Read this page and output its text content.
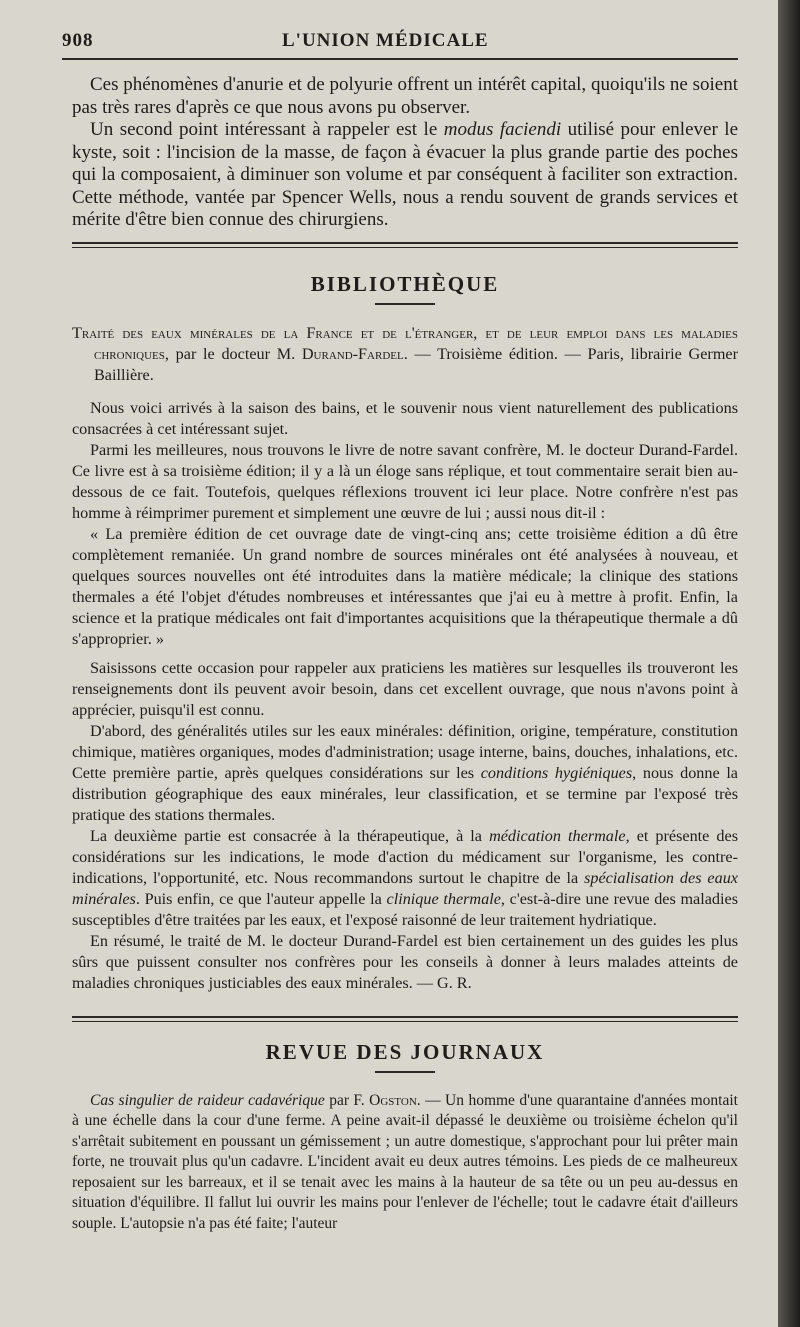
908	L'UNION MÉDICALE

Ces phénomènes d'anurie et de polyurie offrent un intérêt capital, quoiqu'ils ne soient pas très rares d'après ce que nous avons pu observer.

Un second point intéressant à rappeler est le modus faciendi utilisé pour enlever le kyste, soit : l'incision de la masse, de façon à évacuer la plus grande partie des poches qui la composaient, à diminuer son volume et par conséquent à faciliter son extraction. Cette méthode, vantée par Spencer Wells, nous a rendu souvent de grands services et mérite d'être bien connue des chirurgiens.

BIBLIOTHÈQUE
Traité des eaux minérales de la France et de l'étranger, et de leur emploi dans les maladies chroniques, par le docteur M. Durand-Fardel. — Troisième édition. — Paris, librairie Germer Baillière.

Nous voici arrivés à la saison des bains, et le souvenir nous vient naturellement des publications consacrées à cet intéressant sujet.

Parmi les meilleures, nous trouvons le livre de notre savant confrère, M. le docteur Durand-Fardel. Ce livre est à sa troisième édition; il y a là un éloge sans réplique, et tout commentaire serait bien au-dessous de ce fait. Toutefois, quelques réflexions trouvent ici leur place. Notre confrère n'est pas homme à réimprimer purement et simplement une œuvre de lui ; aussi nous dit-il :

« La première édition de cet ouvrage date de vingt-cinq ans; cette troisième édition a dû être complètement remaniée. Un grand nombre de sources minérales ont été analysées à nouveau, et quelques sources nouvelles ont été introduites dans la matière médicale; la clinique des stations thermales a été l'objet d'études nombreuses et intéressantes que j'ai eu à mettre à profit. Enfin, la science et la pratique médicales ont fait d'importantes acquisitions que la thérapeutique thermale a dû s'approprier. »

Saisissons cette occasion pour rappeler aux praticiens les matières sur lesquelles ils trouveront les renseignements dont ils peuvent avoir besoin, dans cet excellent ouvrage, que nous n'avons point à apprécier, puisqu'il est connu.

D'abord, des généralités utiles sur les eaux minérales: définition, origine, température, constitution chimique, matières organiques, modes d'administration; usage interne, bains, douches, inhalations, etc. Cette première partie, après quelques considérations sur les conditions hygiéniques, nous donne la distribution géographique des eaux minérales, leur classification, et se termine par l'exposé très pratique des stations thermales.

La deuxième partie est consacrée à la thérapeutique, à la médication thermale, et présente des considérations sur les indications, le mode d'action du médicament sur l'organisme, les contre-indications, l'opportunité, etc. Nous recommandons surtout le chapitre de la spécialisation des eaux minérales. Puis enfin, ce que l'auteur appelle la clinique thermale, c'est-à-dire une revue des maladies susceptibles d'être traitées par les eaux, et l'exposé raisonné de leur traitement hydriatique.

En résumé, le traité de M. le docteur Durand-Fardel est bien certainement un des guides les plus sûrs que puissent consulter nos confrères pour les conseils à donner à leurs malades atteints de maladies chroniques justiciables des eaux minérales. — G. R.

REVUE DES JOURNAUX

Cas singulier de raideur cadavérique par F. Ogston. — Un homme d'une quarantaine d'années montait à une échelle dans la cour d'une ferme. A peine avait-il dépassé le deuxième ou troisième échelon qu'il s'arrêtait subitement en poussant un gémissement ; un autre domestique, s'approchant pour lui prêter main forte, ne trouvait plus qu'un cadavre. L'incident avait eu deux autres témoins. Les pieds de ce malheureux reposaient sur les barreaux, et il se tenait avec les mains à la hauteur de sa tête ou un peu au-dessus en situation d'équilibre. Il fallut lui ouvrir les mains pour l'enlever de l'échelle; tout le cadavre était d'ailleurs souple. L'autopsie n'a pas été faite; l'auteur
